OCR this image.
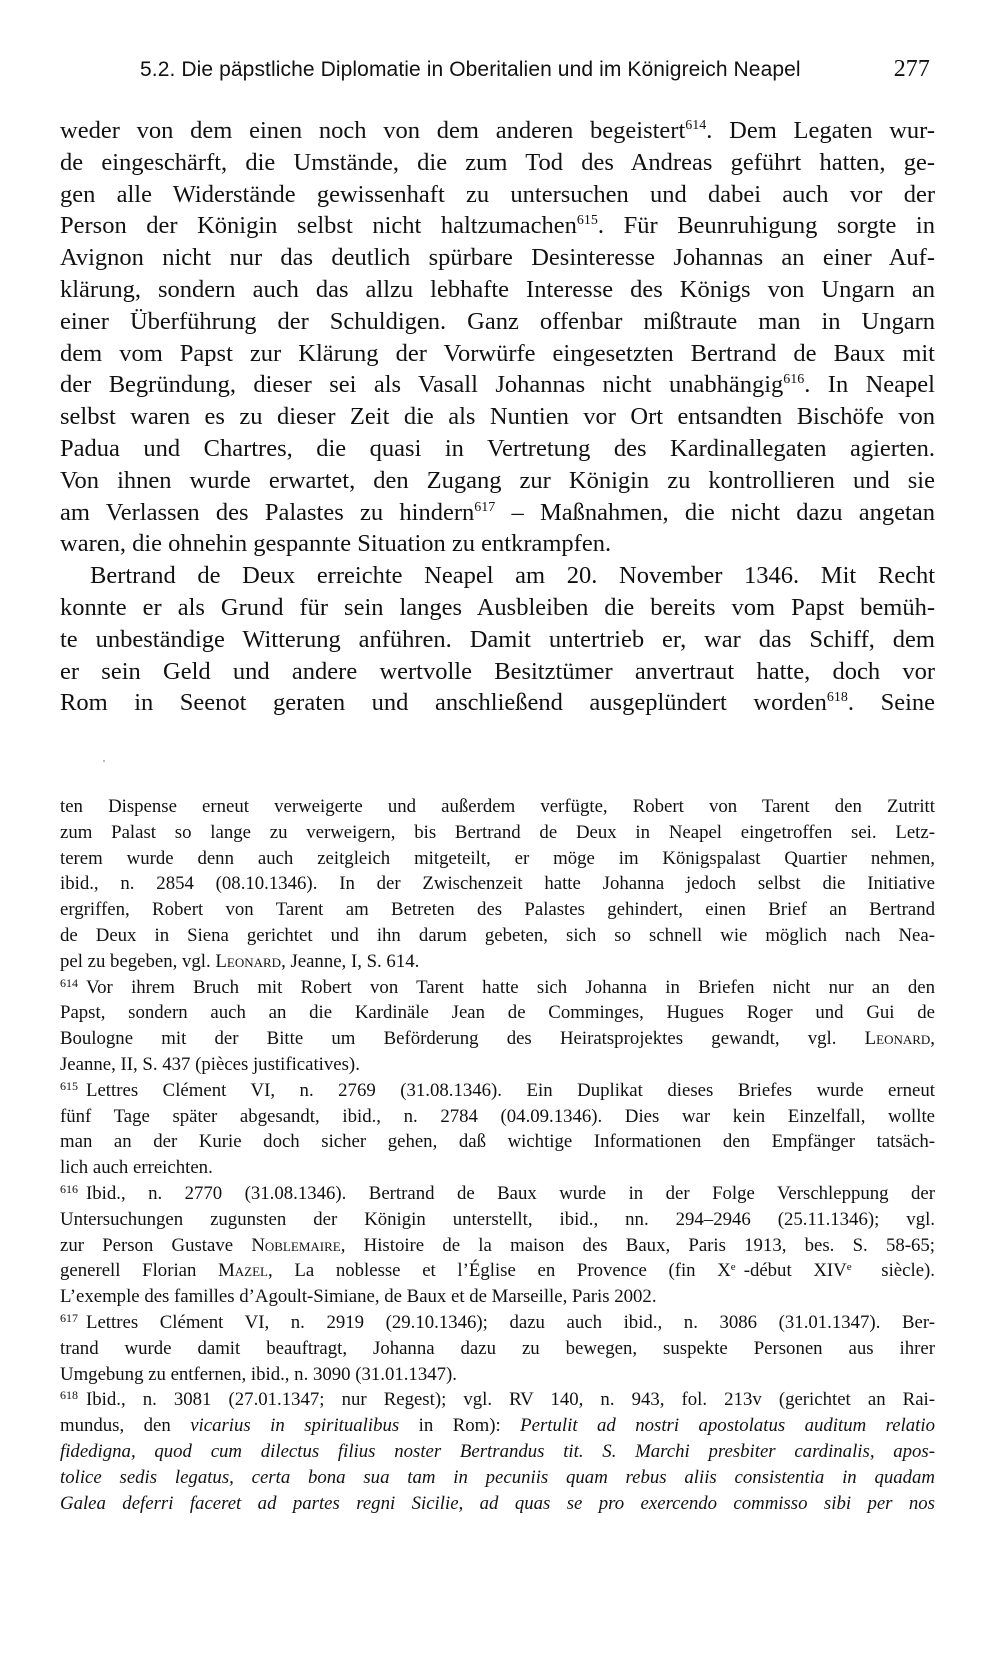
5.2. Die päpstliche Diplomatie in Oberitalien und im Königreich Neapel	277

weder von dem einen noch von dem anderen begeistert$^{614}$. Dem Legaten wur-
de eingeschärft, die Umstände, die zum Tod des Andreas geführt hatten, ge-
gen alle Widerstände gewissenhaft zu untersuchen und dabei auch vor der
Person der Königin selbst nicht haltzumachen$^{615}$. Für Beunruhigung sorgte in
Avignon nicht nur das deutlich spürbare Desinteresse Johannas an einer Auf-
klärung, sondern auch das allzu lebhafte Interesse des Königs von Ungarn an
einer Überführung der Schuldigen. Ganz offenbar mißtraute man in Ungarn
dem vom Papst zur Klärung der Vorwürfe eingesetzten Bertrand de Baux mit
der Begründung, dieser sei als Vasall Johannas nicht unabhängig$^{616}$. In Neapel
selbst waren es zu dieser Zeit die als Nuntien vor Ort entsandten Bischöfe von
Padua und Chartres, die quasi in Vertretung des Kardinallegaten agierten.
Von ihnen wurde erwartet, den Zugang zur Königin zu kontrollieren und sie
am Verlassen des Palastes zu hindern$^{617}$ – Maßnahmen, die nicht dazu angetan
waren, die ohnehin gespannte Situation zu entkrampfen.

Bertrand de Deux erreichte Neapel am 20. November 1346. Mit Recht
konnte er als Grund für sein langes Ausbleiben die bereits vom Papst bemüh-
te unbeständige Witterung anführen. Damit untertrieb er, war das Schiff, dem
er sein Geld und andere wertvolle Besitztümer anvertraut hatte, doch vor
Rom in Seenot geraten und anschließend ausgeplündert worden$^{618}$. Seine

ten Dispense erneut verweigerte und außerdem verfügte, Robert von Tarent den Zutritt
zum Palast so lange zu verweigern, bis Bertrand de Deux in Neapel eingetroffen sei. Letz-
terem wurde denn auch zeitgleich mitgeteilt, er möge im Königspalast Quartier nehmen,
ibid., n. 2854 (08.10.1346). In der Zwischenzeit hatte Johanna jedoch selbst die Initiative
ergriffen, Robert von Tarent am Betreten des Palastes gehindert, einen Brief an Bertrand
de Deux in Siena gerichtet und ihn darum gebeten, sich so schnell wie möglich nach Nea-
pel zu begeben, vgl. Leonard, Jeanne, I, S. 614.

$^{614}$ Vor ihrem Bruch mit Robert von Tarent hatte sich Johanna in Briefen nicht nur an den
Papst, sondern auch an die Kardinäle Jean de Comminges, Hugues Roger und Gui de
Boulogne mit der Bitte um Beförderung des Heiratsprojektes gewandt, vgl. Leonard,
Jeanne, II, S. 437 (pièces justificatives).

$^{615}$ Lettres Clément VI, n. 2769 (31.08.1346). Ein Duplikat dieses Briefes wurde erneut
fünf Tage später abgesandt, ibid., n. 2784 (04.09.1346). Dies war kein Einzelfall, wollte
man an der Kurie doch sicher gehen, daß wichtige Informationen den Empfänger tatsäch-
lich auch erreichten.

$^{616}$ Ibid., n. 2770 (31.08.1346). Bertrand de Baux wurde in der Folge Verschleppung der
Untersuchungen zugunsten der Königin unterstellt, ibid., nn. 294–2946 (25.11.1346); vgl.
zur Person Gustave Noblemaire, Histoire de la maison des Baux, Paris 1913, bes. S. 58-65;
generell Florian Mazel, La noblesse et l’Église en Provence (fin Xe -début XIVe siècle).
L’exemple des familles d’Agoult-Simiane, de Baux et de Marseille, Paris 2002.

$^{617}$ Lettres Clément VI, n. 2919 (29.10.1346); dazu auch ibid., n. 3086 (31.01.1347). Ber-
trand wurde damit beauftragt, Johanna dazu zu bewegen, suspekte Personen aus ihrer
Umgebung zu entfernen, ibid., n. 3090 (31.01.1347).

$^{618}$ Ibid., n. 3081 (27.01.1347; nur Regest); vgl. RV 140, n. 943, fol. 213v (gerichtet an Rai-
mundus, den vicarius in spiritualibus in Rom): Pertulit ad nostri apostolatus auditum relatio
fidedigna, quod cum dilectus filius noster Bertrandus tit. S. Marchi presbiter cardinalis, apos-
tolice sedis legatus, certa bona sua tam in pecuniis quam rebus aliis consistentia in quadam
Galea deferri faceret ad partes regni Sicilie, ad quas se pro exercendo commisso sibi per nos
